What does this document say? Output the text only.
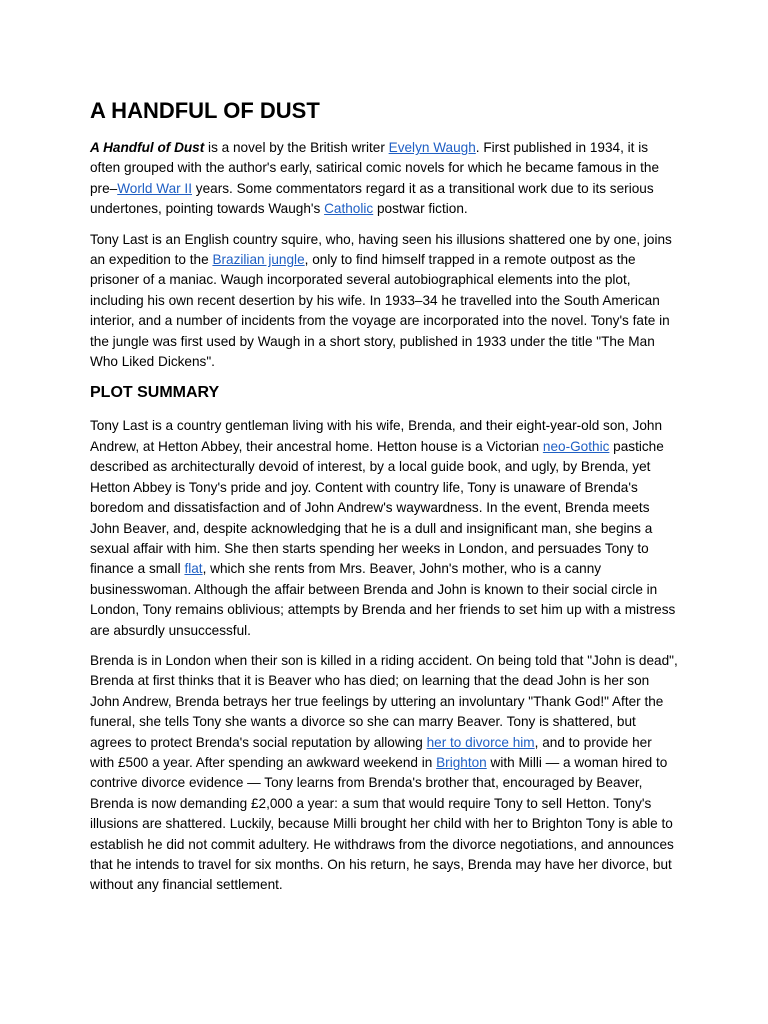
A HANDFUL OF DUST

A Handful of Dust is a novel by the British writer Evelyn Waugh. First published in 1934, it is often grouped with the author's early, satirical comic novels for which he became famous in the pre–World War II years. Some commentators regard it as a transitional work due to its serious undertones, pointing towards Waugh's Catholic postwar fiction.

Tony Last is an English country squire, who, having seen his illusions shattered one by one, joins an expedition to the Brazilian jungle, only to find himself trapped in a remote outpost as the prisoner of a maniac. Waugh incorporated several autobiographical elements into the plot, including his own recent desertion by his wife. In 1933–34 he travelled into the South American interior, and a number of incidents from the voyage are incorporated into the novel. Tony's fate in the jungle was first used by Waugh in a short story, published in 1933 under the title "The Man Who Liked Dickens".

PLOT SUMMARY

Tony Last is a country gentleman living with his wife, Brenda, and their eight-year-old son, John Andrew, at Hetton Abbey, their ancestral home. Hetton house is a Victorian neo-Gothic pastiche described as architecturally devoid of interest, by a local guide book, and ugly, by Brenda, yet Hetton Abbey is Tony's pride and joy. Content with country life, Tony is unaware of Brenda's boredom and dissatisfaction and of John Andrew's waywardness. In the event, Brenda meets John Beaver, and, despite acknowledging that he is a dull and insignificant man, she begins a sexual affair with him. She then starts spending her weeks in London, and persuades Tony to finance a small flat, which she rents from Mrs. Beaver, John's mother, who is a canny businesswoman. Although the affair between Brenda and John is known to their social circle in London, Tony remains oblivious; attempts by Brenda and her friends to set him up with a mistress are absurdly unsuccessful.

Brenda is in London when their son is killed in a riding accident. On being told that "John is dead", Brenda at first thinks that it is Beaver who has died; on learning that the dead John is her son John Andrew, Brenda betrays her true feelings by uttering an involuntary "Thank God!" After the funeral, she tells Tony she wants a divorce so she can marry Beaver. Tony is shattered, but agrees to protect Brenda's social reputation by allowing her to divorce him, and to provide her with £500 a year. After spending an awkward weekend in Brighton with Milli — a woman hired to contrive divorce evidence — Tony learns from Brenda's brother that, encouraged by Beaver, Brenda is now demanding £2,000 a year: a sum that would require Tony to sell Hetton. Tony's illusions are shattered. Luckily, because Milli brought her child with her to Brighton Tony is able to establish he did not commit adultery. He withdraws from the divorce negotiations, and announces that he intends to travel for six months. On his return, he says, Brenda may have her divorce, but without any financial settlement.
